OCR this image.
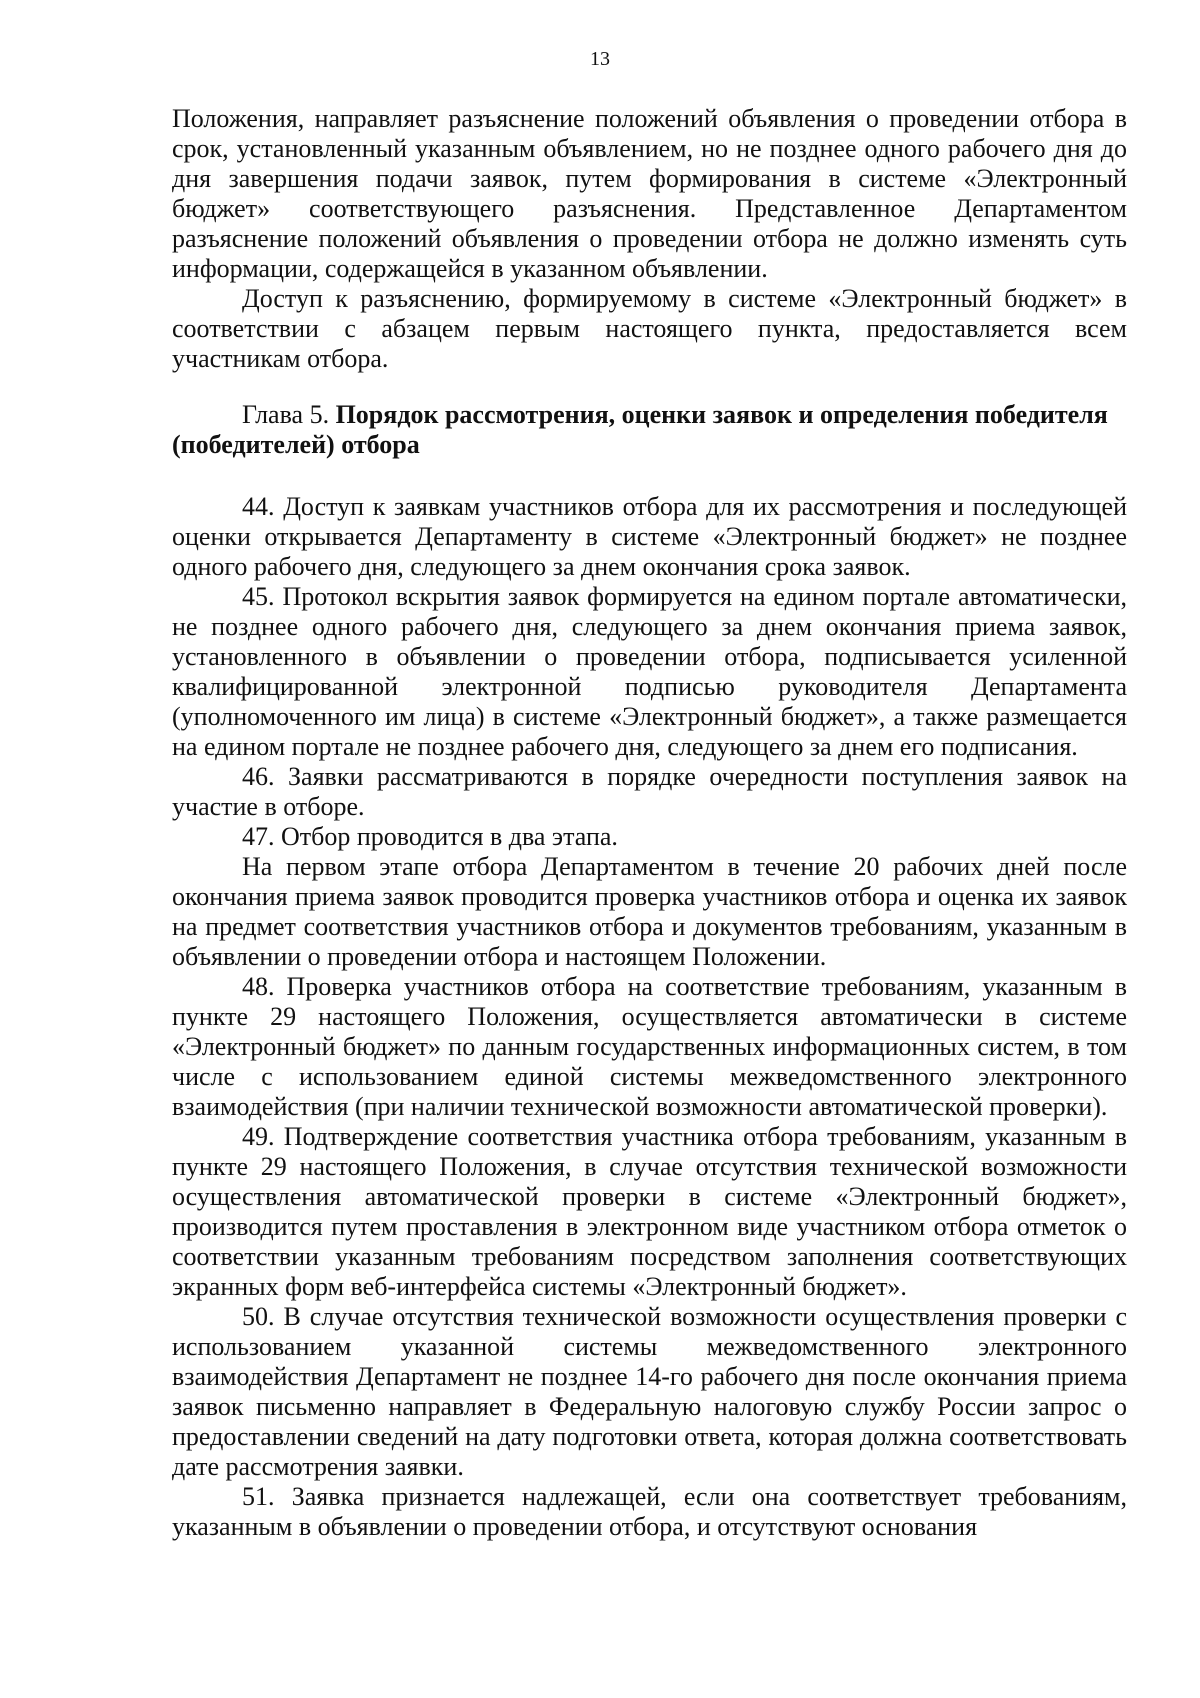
13

Положения, направляет разъяснение положений объявления о проведении отбора в срок, установленный указанным объявлением, но не позднее одного рабочего дня до дня завершения подачи заявок, путем формирования в системе «Электронный бюджет» соответствующего разъяснения. Представленное Департаментом разъяснение положений объявления о проведении отбора не должно изменять суть информации, содержащейся в указанном объявлении.

Доступ к разъяснению, формируемому в системе «Электронный бюджет» в соответствии с абзацем первым настоящего пункта, предоставляется всем участникам отбора.

Глава 5. Порядок рассмотрения, оценки заявок и определения победителя (победителей) отбора

44. Доступ к заявкам участников отбора для их рассмотрения и последующей оценки открывается Департаменту в системе «Электронный бюджет» не позднее одного рабочего дня, следующего за днем окончания срока заявок.

45. Протокол вскрытия заявок формируется на едином портале автоматически, не позднее одного рабочего дня, следующего за днем окончания приема заявок, установленного в объявлении о проведении отбора, подписывается усиленной квалифицированной электронной подписью руководителя Департамента (уполномоченного им лица) в системе «Электронный бюджет», а также размещается на едином портале не позднее рабочего дня, следующего за днем его подписания.

46. Заявки рассматриваются в порядке очередности поступления заявок на участие в отборе.

47. Отбор проводится в два этапа.

На первом этапе отбора Департаментом в течение 20 рабочих дней после окончания приема заявок проводится проверка участников отбора и оценка их заявок на предмет соответствия участников отбора и документов требованиям, указанным в объявлении о проведении отбора и настоящем Положении.

48. Проверка участников отбора на соответствие требованиям, указанным в пункте 29 настоящего Положения, осуществляется автоматически в системе «Электронный бюджет» по данным государственных информационных систем, в том числе с использованием единой системы межведомственного электронного взаимодействия (при наличии технической возможности автоматической проверки).

49. Подтверждение соответствия участника отбора требованиям, указанным в пункте 29 настоящего Положения, в случае отсутствия технической возможности осуществления автоматической проверки в системе «Электронный бюджет», производится путем проставления в электронном виде участником отбора отметок о соответствии указанным требованиям посредством заполнения соответствующих экранных форм веб-интерфейса системы «Электронный бюджет».

50. В случае отсутствия технической возможности осуществления проверки с использованием указанной системы межведомственного электронного взаимодействия Департамент не позднее 14-го рабочего дня после окончания приема заявок письменно направляет в Федеральную налоговую службу России запрос о предоставлении сведений на дату подготовки ответа, которая должна соответствовать дате рассмотрения заявки.

51. Заявка признается надлежащей, если она соответствует требованиям, указанным в объявлении о проведении отбора, и отсутствуют основания
